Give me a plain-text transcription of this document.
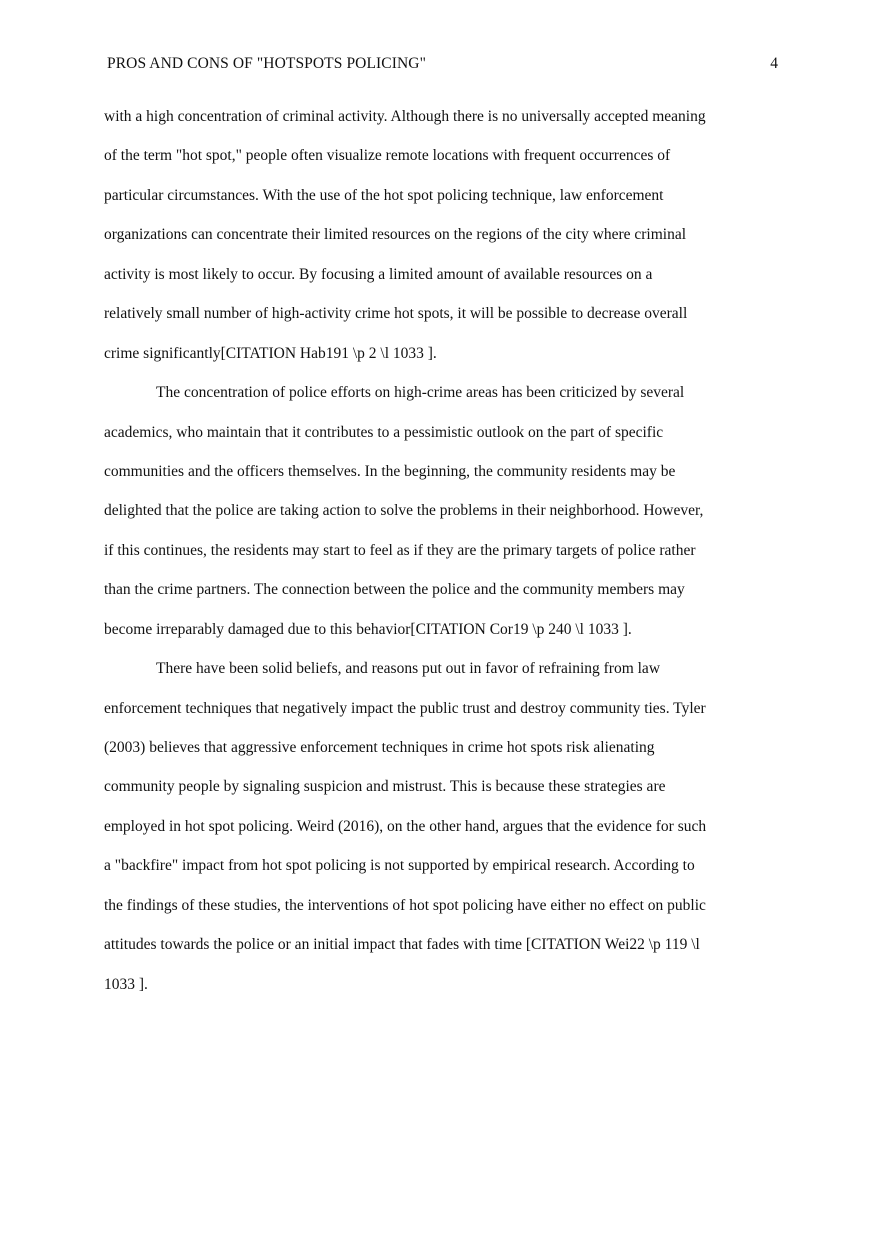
PROS AND CONS OF "HOTSPOTS POLICING"	4
with a high concentration of criminal activity. Although there is no universally accepted meaning
of the term "hot spot," people often visualize remote locations with frequent occurrences of
particular circumstances. With the use of the hot spot policing technique, law enforcement
organizations can concentrate their limited resources on the regions of the city where criminal
activity is most likely to occur. By focusing a limited amount of available resources on a
relatively small number of high-activity crime hot spots, it will be possible to decrease overall
crime significantly[CITATION Hab191 \p 2 \l 1033 ].
The concentration of police efforts on high-crime areas has been criticized by several
academics, who maintain that it contributes to a pessimistic outlook on the part of specific
communities and the officers themselves. In the beginning, the community residents may be
delighted that the police are taking action to solve the problems in their neighborhood. However,
if this continues, the residents may start to feel as if they are the primary targets of police rather
than the crime partners. The connection between the police and the community members may
become irreparably damaged due to this behavior[CITATION Cor19 \p 240 \l 1033 ].
There have been solid beliefs, and reasons put out in favor of refraining from law
enforcement techniques that negatively impact the public trust and destroy community ties. Tyler
(2003) believes that aggressive enforcement techniques in crime hot spots risk alienating
community people by signaling suspicion and mistrust. This is because these strategies are
employed in hot spot policing. Weird (2016), on the other hand, argues that the evidence for such
a "backfire" impact from hot spot policing is not supported by empirical research. According to
the findings of these studies, the interventions of hot spot policing have either no effect on public
attitudes towards the police or an initial impact that fades with time [CITATION Wei22 \p 119 \l
1033 ].
